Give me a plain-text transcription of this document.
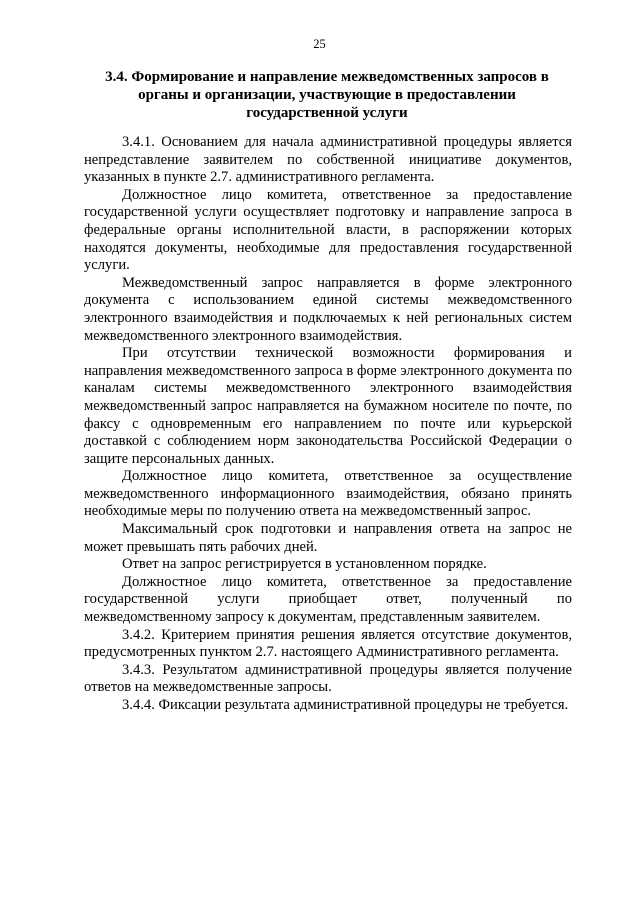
25
3.4. Формирование и направление межведомственных запросов в
органы и организации, участвующие в предоставлении
государственной услуги

3.4.1. Основанием для начала административной процедуры является непредставление заявителем по собственной инициативе документов, указанных в пункте 2.7. административного регламента.

Должностное лицо комитета, ответственное за предоставление государственной услуги осуществляет подготовку и направление запроса в федеральные органы исполнительной власти, в распоряжении которых находятся документы, необходимые для предоставления государственной услуги.

Межведомственный запрос направляется в форме электронного документа с использованием единой системы межведомственного электронного взаимодействия и подключаемых к ней региональных систем межведомственного электронного взаимодействия.

При отсутствии технической возможности формирования и направления межведомственного запроса в форме электронного документа по каналам системы межведомственного электронного взаимодействия межведомственный запрос направляется на бумажном носителе по почте, по факсу с одновременным его направлением по почте или курьерской доставкой с соблюдением норм законодательства Российской Федерации о защите персональных данных.

Должностное лицо комитета, ответственное за осуществление межведомственного информационного взаимодействия, обязано принять необходимые меры по получению ответа на межведомственный запрос.

Максимальный срок подготовки и направления ответа на запрос не может превышать пять рабочих дней.

Ответ на запрос регистрируется в установленном порядке.

Должностное лицо комитета, ответственное за предоставление государственной услуги приобщает ответ, полученный по межведомственному запросу к документам, представленным заявителем.

3.4.2. Критерием принятия решения является отсутствие документов, предусмотренных пунктом 2.7. настоящего Административного регламента.

3.4.3. Результатом административной процедуры является получение ответов на межведомственные запросы.

3.4.4. Фиксации результата административной процедуры не требуется.
